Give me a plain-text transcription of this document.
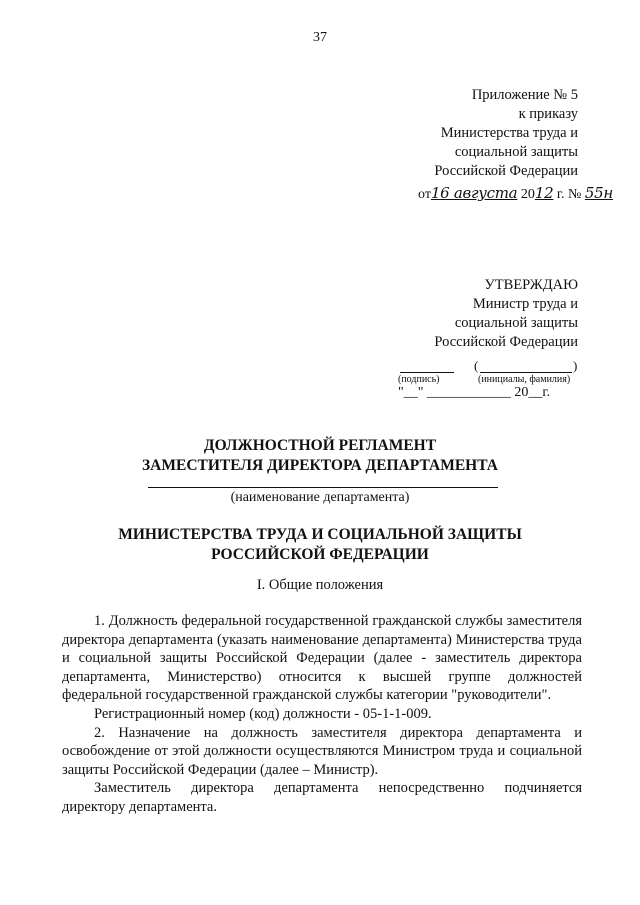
37
Приложение № 5
к приказу
Министерства труда и
социальной защиты
Российской Федерации
от16 августа 2012 г. № 55н
УТВЕРЖДАЮ
Министр труда и
социальной защиты
Российской Федерации
(	)
(подпись)	(инициалы, фамилия)
"__" ____________ 20__г.
ДОЛЖНОСТНОЙ РЕГЛАМЕНТ
ЗАМЕСТИТЕЛЯ ДИРЕКТОРА ДЕПАРТАМЕНТА
(наименование департамента)
МИНИСТЕРСТВА ТРУДА И СОЦИАЛЬНОЙ ЗАЩИТЫ
РОССИЙСКОЙ ФЕДЕРАЦИИ
I. Общие положения

1. Должность федеральной государственной гражданской службы заместителя директора департамента (указать наименование департамента) Министерства труда и социальной защиты Российской Федерации (далее - заместитель директора департамента, Министерство) относится к высшей группе должностей федеральной государственной гражданской службы категории "руководители".

Регистрационный номер (код) должности - 05-1-1-009.

2. Назначение на должность заместителя директора департамента и освобождение от этой должности осуществляются Министром труда и социальной защиты Российской Федерации (далее – Министр).

Заместитель директора департамента непосредственно подчиняется директору департамента.
